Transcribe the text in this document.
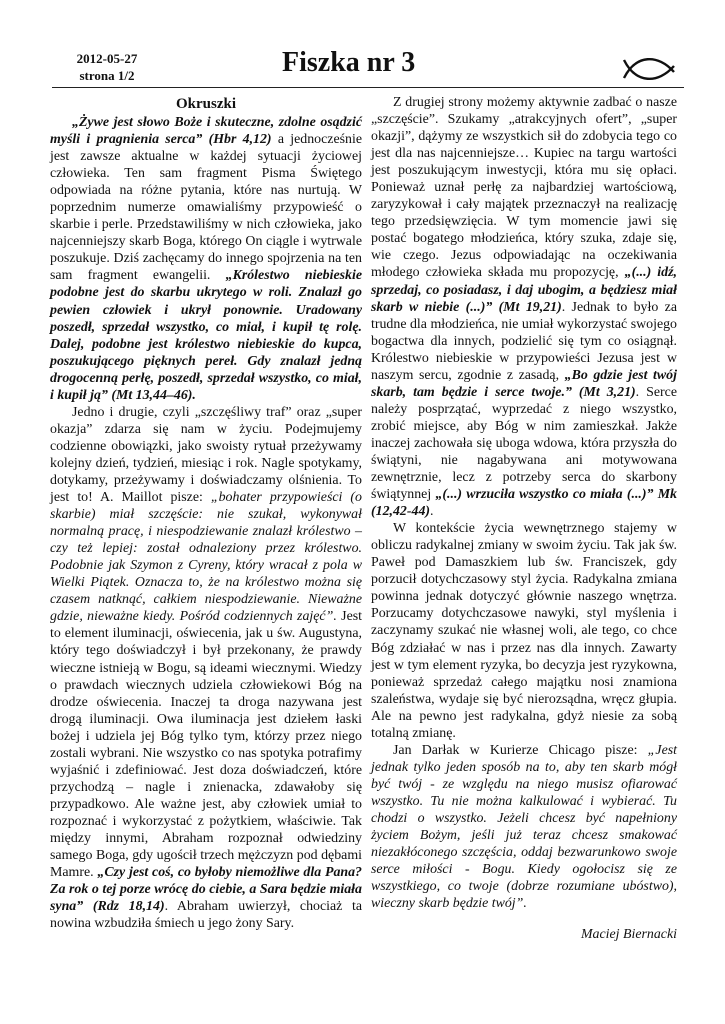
2012-05-27
strona 1/2	Fiszka nr 3

Okruszki

„Żywe jest słowo Boże i skuteczne, zdolne osądzić myśli i pragnienia serca” (Hbr 4,12) a jednocześnie jest zawsze aktualne w każdej sytuacji życiowej człowieka. Ten sam fragment Pisma Świętego odpowiada na różne pytania, które nas nurtują. W poprzednim numerze omawialiśmy przypowieść o skarbie i perle. Przedstawiliśmy w nich człowieka, jako najcenniejszy skarb Boga, którego On ciągle i wytrwale poszukuje. Dziś zachęcamy do innego spojrzenia na ten sam fragment ewangelii. „Królestwo niebieskie podobne jest do skarbu ukrytego w roli. Znalazł go pewien człowiek i ukrył ponownie. Uradowany poszedł, sprzedał wszystko, co miał, i kupił tę rolę. Dalej, podobne jest królestwo niebieskie do kupca, poszukującego pięknych pereł. Gdy znalazł jedną drogocenną perłę, poszedł, sprzedał wszystko, co miał, i kupił ją” (Mt 13,44–46).

Jedno i drugie, czyli „szczęśliwy traf” oraz „super okazja” zdarza się nam w życiu. Podejmujemy codzienne obowiązki, jako swoisty rytuał przeżywamy kolejny dzień, tydzień, miesiąc i rok. Nagle spotykamy, dotykamy, przeżywamy i doświadczamy olśnienia. To jest to! A. Maillot pisze: „bohater przypowieści (o skarbie) miał szczęście: nie szukał, wykonywał normalną pracę, i niespodziewanie znalazł królestwo – czy też lepiej: został odnaleziony przez królestwo. Podobnie jak Szymon z Cyreny, który wracał z pola w Wielki Piątek. Oznacza to, że na królestwo można się czasem natknąć, całkiem niespodziewanie. Nieważne gdzie, nieważne kiedy. Pośród codziennych zajęć”. Jest to element iluminacji, oświecenia, jak u św. Augustyna, który tego doświadczył i był przekonany, że prawdy wieczne istnieją w Bogu, są ideami wiecznymi. Wiedzy o prawdach wiecznych udziela człowiekowi Bóg na drodze oświecenia. Inaczej ta droga nazywana jest drogą iluminacji. Owa iluminacja jest dziełem łaski bożej i udziela jej Bóg tylko tym, którzy przez niego zostali wybrani. Nie wszystko co nas spotyka potrafimy wyjaśnić i zdefiniować. Jest doza doświadczeń, które przychodzą – nagle i znienacka, zdawałoby się przypadkowo. Ale ważne jest, aby człowiek umiał to rozpoznać i wykorzystać z pożytkiem, właściwie. Tak między innymi, Abraham rozpoznał odwiedziny samego Boga, gdy ugościł trzech mężczyzn pod dębami Mamre. „Czy jest coś, co byłoby niemożliwe dla Pana? Za rok o tej porze wrócę do ciebie, a Sara będzie miała syna” (Rdz 18,14). Abraham uwierzył, chociaż ta nowina wzbudziła śmiech u jego żony Sary.

Z drugiej strony możemy aktywnie zadbać o nasze „szczęście”. Szukamy „atrakcyjnych ofert”, „super okazji”, dążymy ze wszystkich sił do zdobycia tego co jest dla nas najcenniejsze… Kupiec na targu wartości jest poszukującym inwestycji, która mu się opłaci. Ponieważ uznał perłę za najbardziej wartościową, zaryzykował i cały majątek przeznaczył na realizację tego przedsięwzięcia. W tym momencie jawi się postać bogatego młodzieńca, który szuka, zdaje się, wie czego. Jezus odpowiadając na oczekiwania młodego człowieka składa mu propozycję, „(...) idź, sprzedaj, co posiadasz, i daj ubogim, a będziesz miał skarb w niebie (...)” (Mt 19,21). Jednak to było za trudne dla młodzieńca, nie umiał wykorzystać swojego bogactwa dla innych, podzielić się tym co osiągnął. Królestwo niebieskie w przypowieści Jezusa jest w naszym sercu, zgodnie z zasadą, „Bo gdzie jest twój skarb, tam będzie i serce twoje.” (Mt 3,21). Serce należy posprzątać, wyprzedać z niego wszystko, zrobić miejsce, aby Bóg w nim zamieszkał. Jakże inaczej zachowała się uboga wdowa, która przyszła do świątyni, nie nagabywana ani motywowana zewnętrznie, lecz z potrzeby serca do skarbony świątynnej „(...) wrzuciła wszystko co miała (...)” Mk (12,42-44).

W kontekście życia wewnętrznego stajemy w obliczu radykalnej zmiany w swoim życiu. Tak jak św. Paweł pod Damaszkiem lub św. Franciszek, gdy porzucił dotychczasowy styl życia. Radykalna zmiana powinna jednak dotyczyć głównie naszego wnętrza. Porzucamy dotychczasowe nawyki, styl myślenia i zaczynamy szukać nie własnej woli, ale tego, co chce Bóg zdziałać w nas i przez nas dla innych. Zawarty jest w tym element ryzyka, bo decyzja jest ryzykowna, ponieważ sprzedaż całego majątku nosi znamiona szaleństwa, wydaje się być nierozsądna, wręcz głupia. Ale na pewno jest radykalna, gdyż niesie za sobą totalną zmianę.

Jan Darłak w Kurierze Chicago pisze: „Jest jednak tylko jeden sposób na to, aby ten skarb mógł być twój - ze względu na niego musisz ofiarować wszystko. Tu nie można kalkulować i wybierać. Tu chodzi o wszystko. Jeżeli chcesz być napełniony życiem Bożym, jeśli już teraz chcesz smakować niezakłóconego szczęścia, oddaj bezwarunkowo swoje serce miłości - Bogu. Kiedy ogołocisz się ze wszystkiego, co twoje (dobrze rozumiane ubóstwo), wieczny skarb będzie twój”.

Maciej Biernacki
